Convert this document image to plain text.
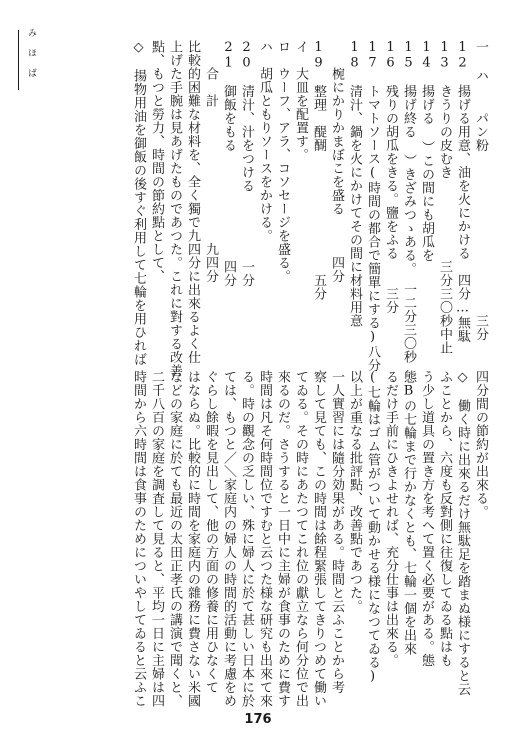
み ほ ば	一 ハ　 パン粉　　　　　　　　　　　　三分
12　揚げる用意、油を火にかける　四分…無駄
13　きうりの皮むき　　　　　　三分三〇秒中止
14　揚げる ）この間にも胡瓜を
15　揚げ終る ）きざみつゝある。　一二分三〇秒
16　残りの胡瓜をきる。鹽をふる　　三分
17　トマトソース(時間の都合で簡單にする)八分
18　清汁、鍋を火にかけてその間に材料用意
　　椀にかりかまぼこを盛る　　　四分
19　整理　醍醐　　　　　　　　　五分
イ　大皿を配置す。
ロ　ウーフ、アラ、コソセージを盛る。
ハ　胡瓜ともりソースをかける。
20　清汁、汁をつける　　　　　一分
21　御飯をもる　　　　　　　　四分
　　合　計　　　　　　　　　　九四分
比較的困難な材料を、全く獨で九四分に出來るよく仕
上げた手腕は見あげたものであつた。これに對する改善
點、もつと勞力、時間の節約點として、
◇　揚物用油を御飯の後すぐ利用して七輪を用ひれば
四分間の節約が出來る。
◇　働く時に出來るだけ無駄足を踏まぬ様にすると云
ふことから、六度も反對側に往復してゐる點はも
う少し道具の置き方を考へて置く必要がある。態
態Bの七輪まで行かなくとも、七輪一個を出來
るだけ手前にひきよせれば、充分仕事は出來る。
(七輪はゴム管がついて動かせる様になつてゐる)
以上が重なる批評點、改善點であつた。
一人實習には隨分効果がある。時間と云ふことから考
察して見ても、この時間は餘程緊張してきりつめて働い
てゐる。その時にあたつてこれ位の獻立なら何分位で出
來るのだ。さうすると一日中に主婦が食事のために費す
時間は凡そ何時間位ですむと云つた様な研究も出來て來
る。時の觀念の乏しい、殊に婦人に於て甚しい日本に於
ては、もつと／＼家庭内の婦人の時間的活動に考慮をめ
ぐらし餘暇を見出して、他の方面の修養に用ひなくて
はならぬ。比較的に時間を家庭内の雜務に費さない米國
などの家庭に於ても最近の太田正孝氏の講演で聞くと、
二千八百の家庭を調査して見ると、平均一日に主婦は四
時間から六時間は食事のためについやしてゐると云ふこ
176
